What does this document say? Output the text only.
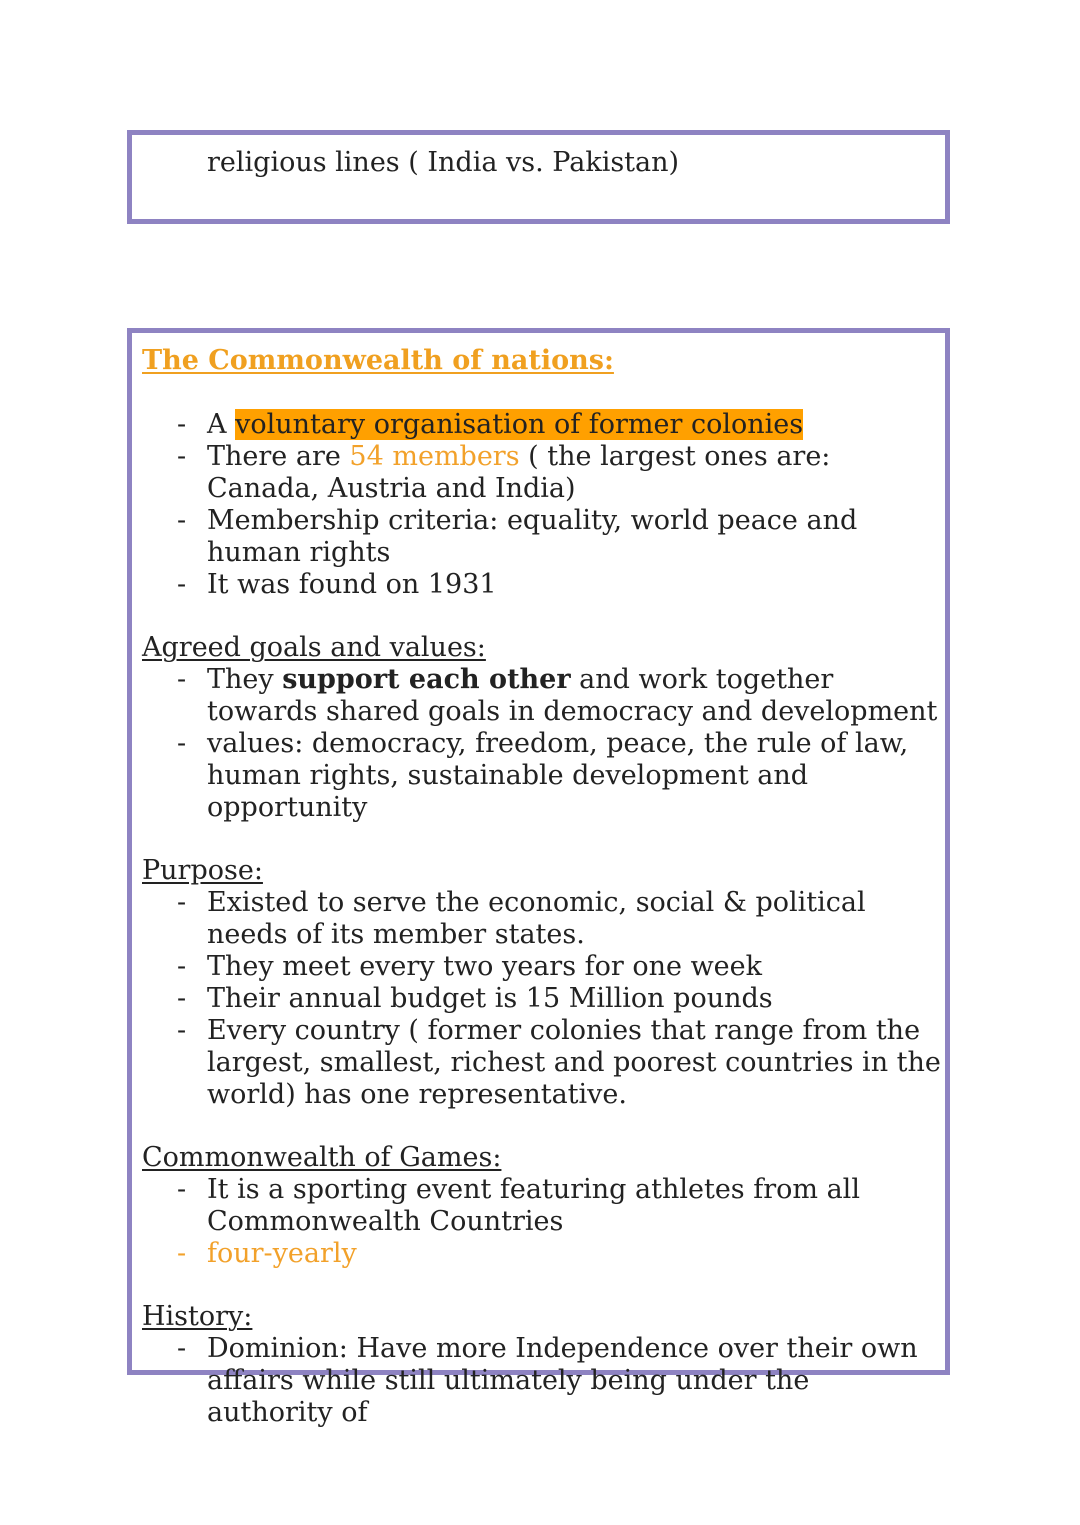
religious lines ( India vs. Pakistan)
The Commonwealth of nations:
- A voluntary organisation of former colonies
- There are 54 members ( the largest ones are: Canada, Austria and India)
- Membership criteria: equality, world peace and human rights
- It was found on 1931
Agreed goals and values:
- They support each other and work together towards shared goals in democracy and development
- values: democracy, freedom, peace, the rule of law, human rights, sustainable development and opportunity
Purpose:
- Existed to serve the economic, social & political needs of its member states.
- They meet every two years for one week
- Their annual budget is 15 Million pounds
- Every country ( former colonies that range from the largest, smallest, richest and poorest countries in the world) has one representative.
Commonwealth of Games:
- It is a sporting event featuring athletes from all Commonwealth Countries
- four-yearly
History:
- Dominion: Have more Independence over their own affairs while still ultimately being under the authority of
